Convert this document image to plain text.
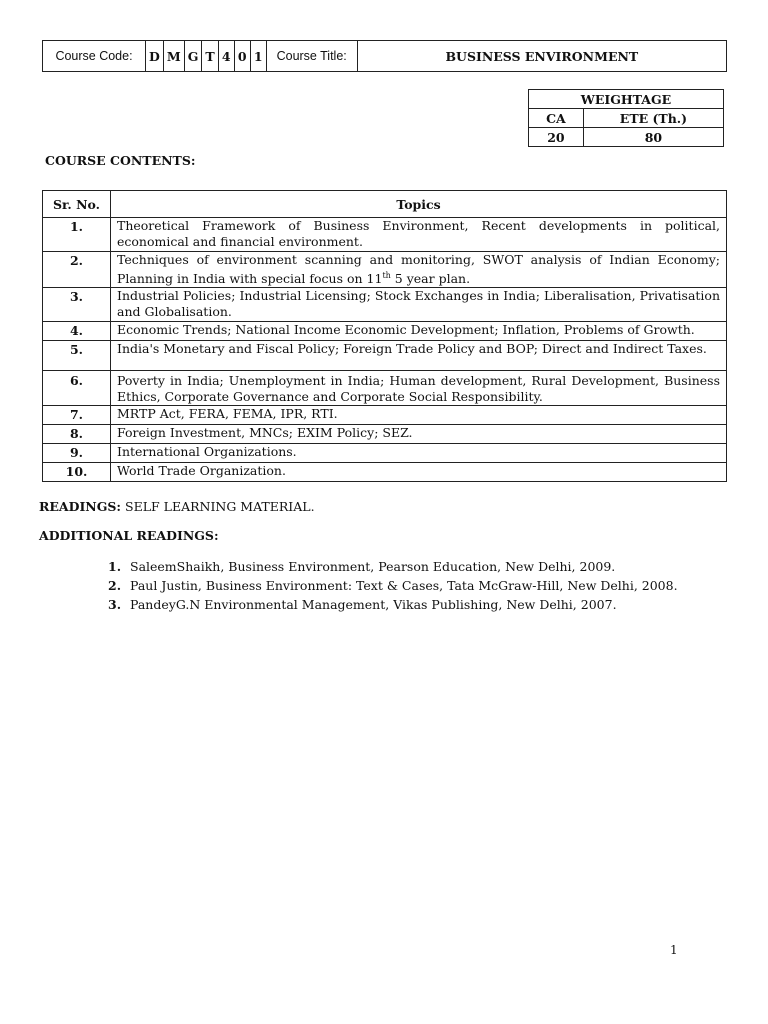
Course Code:	D	M	G	T	4	0	1	Course Title:	BUSINESS ENVIRONMENT
WEIGHTAGE	
CA	ETE (Th.)
20	80
COURSE CONTENTS:
Sr. No.	Topics
1.	Theoretical Framework of Business Environment, Recent developments in political, economical and financial environment.
2.	Techniques of environment scanning and monitoring, SWOT analysis of Indian Economy; Planning in India with special focus on 11th 5 year plan.
3.	Industrial Policies; Industrial Licensing; Stock Exchanges in India; Liberalisation, Privatisation and Globalisation.
4.	Economic Trends; National Income Economic Development; Inflation, Problems of Growth.
5.	India's Monetary and Fiscal Policy; Foreign Trade Policy and BOP; Direct and Indirect Taxes.
6.	Poverty in India; Unemployment in India; Human development, Rural Development, Business Ethics, Corporate Governance and Corporate Social Responsibility.
7.	MRTP Act, FERA, FEMA, IPR, RTI.
8.	Foreign Investment, MNCs; EXIM Policy; SEZ.
9.	International Organizations.
10.	World Trade Organization.
READINGS: SELF LEARNING MATERIAL.
ADDITIONAL READINGS:
1. SaleemShaikh, Business Environment, Pearson Education, New Delhi, 2009.
2. Paul Justin, Business Environment: Text & Cases, Tata McGraw-Hill, New Delhi, 2008.
3. PandeyG.N Environmental Management, Vikas Publishing, New Delhi, 2007.
1
